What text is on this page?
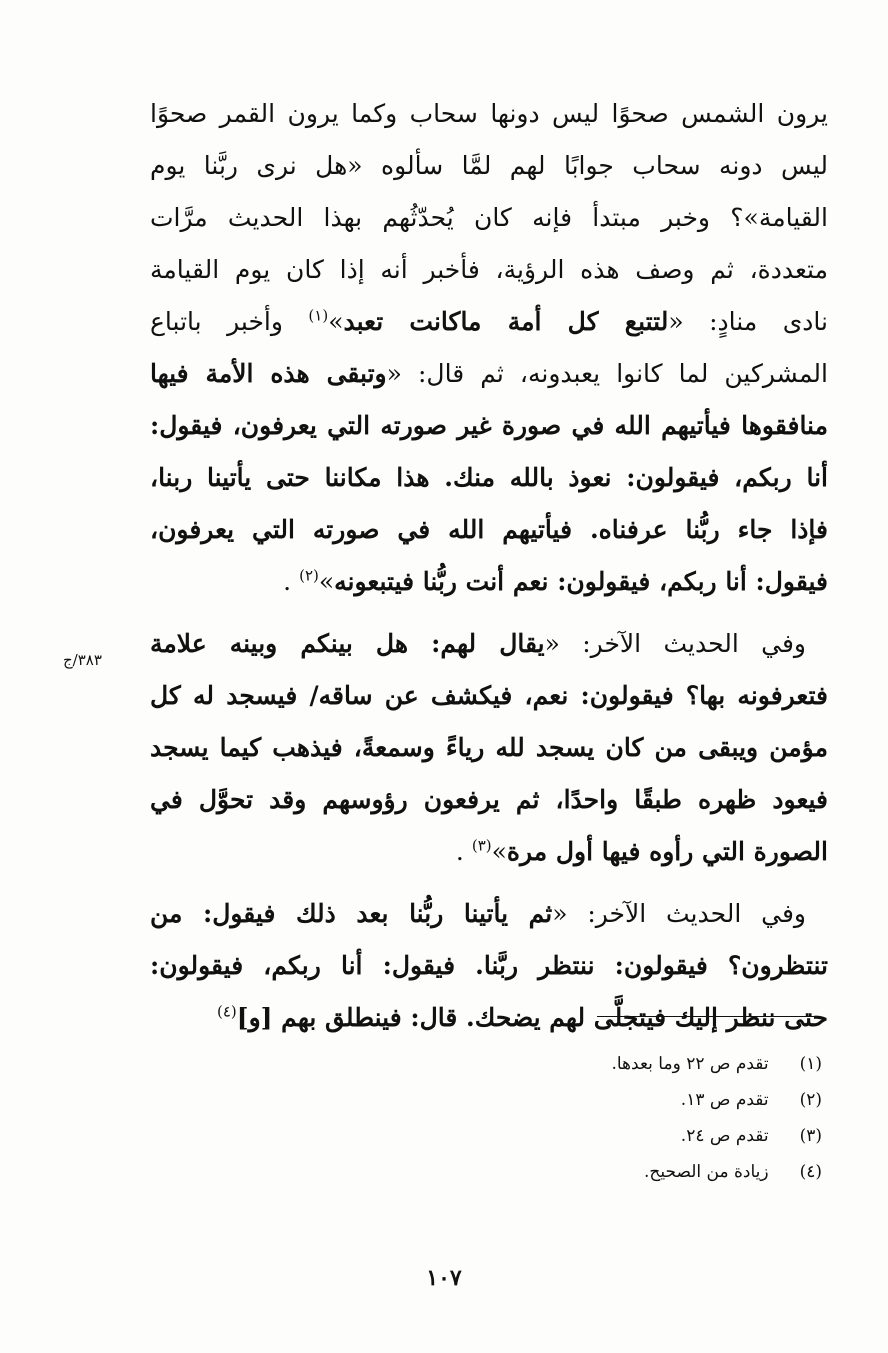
يرون الشمس صحوًا ليس دونها سحاب وكما يرون القمر صحوًا
ليس دونه سحاب جوابًا لهم لمَّا سألوه «هل نرى ربَّنا يوم
القيامة»؟ وخبر مبتدأ فإنه كان يُحدّثُهم بهذا الحديث مرَّات
متعددة، ثم وصف هذه الرؤية، فأخبر أنه إذا كان يوم القيامة
نادى منادٍ: «لتتبع كل أمة ماكانت تعبد»$^{(١)}$ وأخبر باتباع
المشركين لما كانوا يعبدونه، ثم قال: «وتبقى هذه الأمة فيها
منافقوها فيأتيهم الله في صورة غير صورته التي يعرفون، فيقول:
أنا ربكم، فيقولون: نعوذ بالله منك. هذا مكاننا حتى يأتينا ربنا،
فإذا جاء ربُّنا عرفناه. فيأتيهم الله في صورته التي يعرفون،
فيقول: أنا ربكم، فيقولون: نعم أنت ربُّنا فيتبعونه»$^{(٢)}$ .
وفي الحديث الآخر: «يقال لهم: هل بينكم وبينه علامة
فتعرفونه بها؟ فيقولون: نعم، فيكشف عن ساقه/ فيسجد له كل
مؤمن ويبقى من كان يسجد لله رياءً وسمعةً، فيذهب كيما يسجد
فيعود ظهره طبقًا واحدًا، ثم يرفعون رؤوسهم وقد تحوَّل في
الصورة التي رأوه فيها أول مرة»$^{(٣)}$ .
وفي الحديث الآخر: «ثم يأتينا ربُّنا بعد ذلك فيقول: من
تنتظرون؟ فيقولون: ننتظر ربَّنا. فيقول: أنا ربكم، فيقولون:
حتى ننظر إليك فيتجلَّى لهم يضحك. قال: فينطلق بهم [و]$^{(٤)}$
٣٨٣/ج
(١) تقدم ص ٢٢ وما بعدها.
(٢) تقدم ص ١٣.
(٣) تقدم ص ٢٤.
(٤) زيادة من الصحيح.
١٠٧
